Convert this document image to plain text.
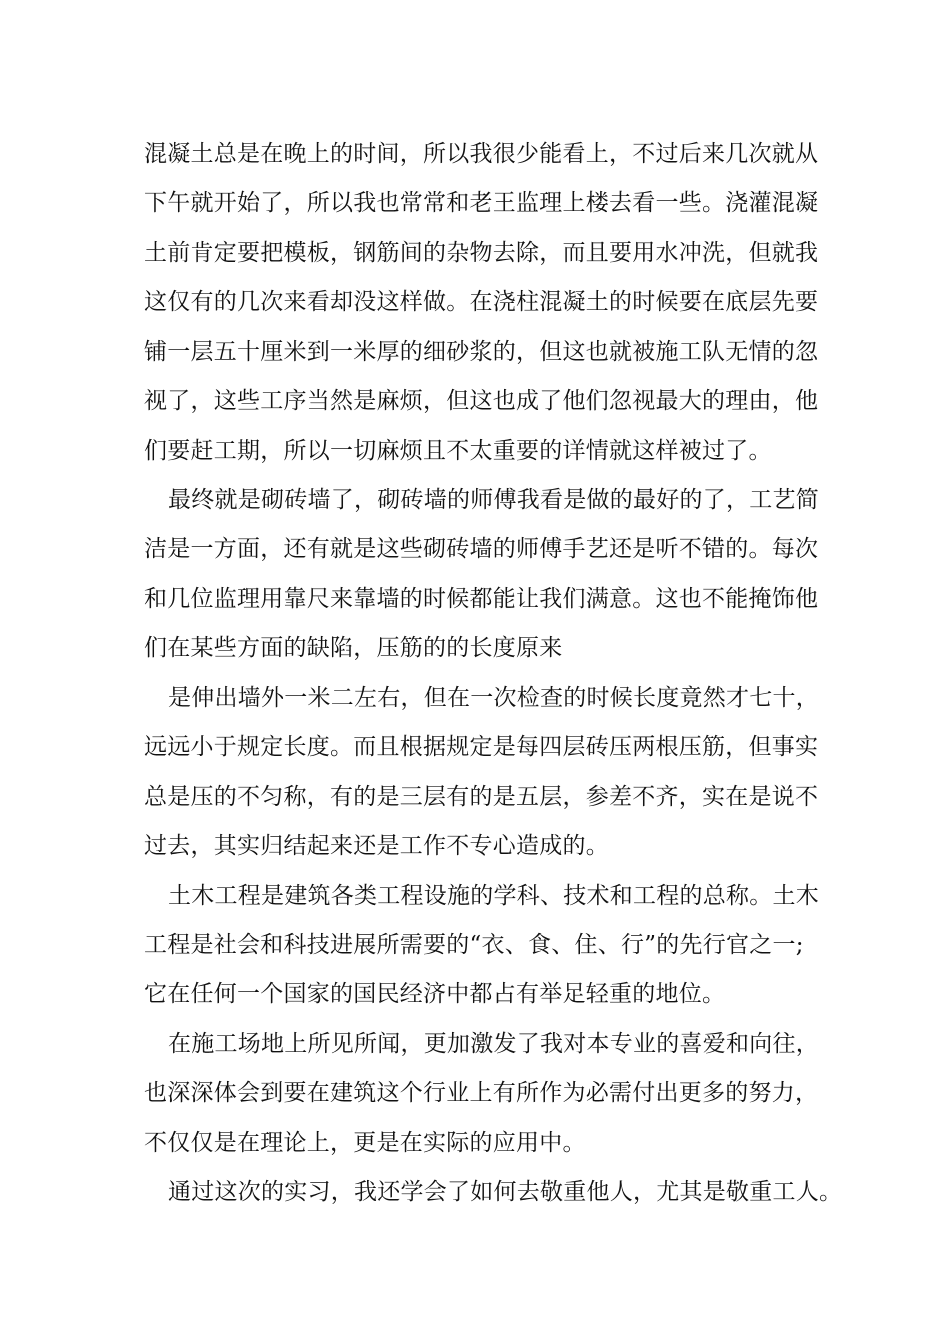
混凝土总是在晚上的时间，所以我很少能看上，不过后来几次就从

下午就开始了，所以我也常常和老王监理上楼去看一些。浇灌混凝

土前肯定要把模板，钢筋间的杂物去除，而且要用水冲洗，但就我

这仅有的几次来看却没这样做。在浇柱混凝土的时候要在底层先要

铺一层五十厘米到一米厚的细砂浆的，但这也就被施工队无情的忽

视了，这些工序当然是麻烦，但这也成了他们忽视最大的理由，他

们要赶工期，所以一切麻烦且不太重要的详情就这样被过了。

最终就是砌砖墙了，砌砖墙的师傅我看是做的最好的了，工艺简

洁是一方面，还有就是这些砌砖墙的师傅手艺还是听不错的。每次

和几位监理用靠尺来靠墙的时候都能让我们满意。这也不能掩饰他

们在某些方面的缺陷，压筋的的长度原来

是伸出墙外一米二左右，但在一次检查的时候长度竟然才七十，

远远小于规定长度。而且根据规定是每四层砖压两根压筋，但事实

总是压的不匀称，有的是三层有的是五层，参差不齐，实在是说不

过去，其实归结起来还是工作不专心造成的。

土木工程是建筑各类工程设施的学科、技术和工程的总称。土木

工程是社会和科技进展所需要的“衣、食、住、行”的先行官之一;

它在任何一个国家的国民经济中都占有举足轻重的地位。

在施工场地上所见所闻，更加激发了我对本专业的喜爱和向往，

也深深体会到要在建筑这个行业上有所作为必需付出更多的努力，

不仅仅是在理论上，更是在实际的应用中。

通过这次的实习，我还学会了如何去敬重他人，尤其是敬重工人。
